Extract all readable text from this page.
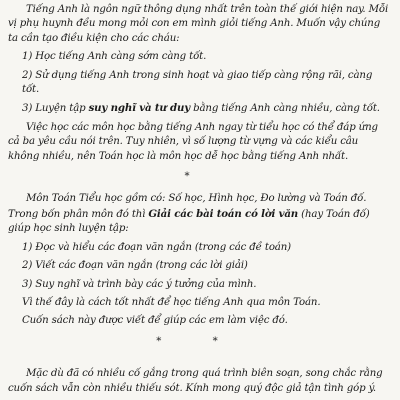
Tiếng Anh là ngôn ngữ thông dụng nhất trên toàn thế giới hiện nay. Mỗi

vị phụ huynh đều mong mỏi con em mình giỏi tiếng Anh. Muốn vậy chúng

ta cần tạo điều kiện cho các cháu:

1) Học tiếng Anh càng sớm càng tốt.

2) Sử dụng tiếng Anh trong sinh hoạt và giao tiếp càng rộng rãi, càng tốt.

3) Luyện tập suy nghĩ và tư duy bằng tiếng Anh càng nhiều, càng tốt.

Việc học các môn học bằng tiếng Anh ngay từ tiểu học có thể đáp ứng

cả ba yêu cầu nói trên. Tuy nhiên, vì số lượng từ vựng và các kiểu câu

không nhiều, nên Toán học là môn học dễ học bằng tiếng Anh nhất.

*

Môn Toán Tiểu học gồm có: Số học, Hình học, Đo lường và Toán đố.

Trong bốn phân môn đó thì Giải các bài toán có lời văn (hay Toán đố)

giúp học sinh luyện tập:

1) Đọc và hiểu các đoạn văn ngắn (trong các đề toán)

2) Viết các đoạn văn ngắn (trong các lời giải)

3) Suy nghĩ và trình bày các ý tưởng của mình.

Vì thế đây là cách tốt nhất để học tiếng Anh qua môn Toán.

Cuốn sách này được viết để giúp các em làm việc đó.

* *

Mặc dù đã có nhiều cố gắng trong quá trình biên soạn, song chắc rằng

cuốn sách vẫn còn nhiều thiếu sót. Kính mong quý độc giả tận tình góp ý.
